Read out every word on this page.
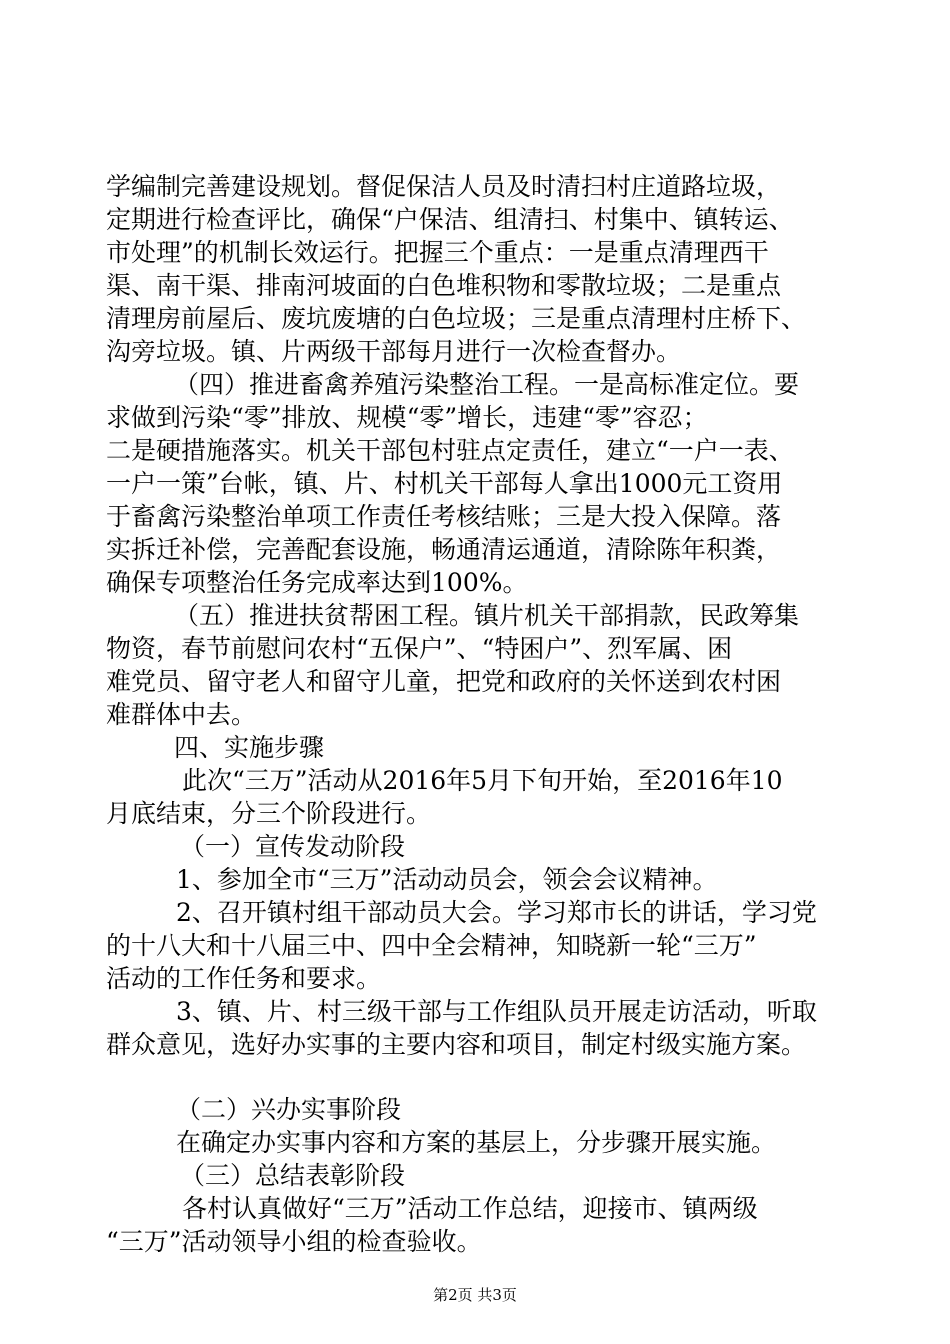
学编制完善建设规划。督促保洁人员及时清扫村庄道路垃圾，
定期进行检查评比，确保“户保洁、组清扫、村集中、镇转运、
市处理”的机制长效运行。把握三个重点：一是重点清理西干
渠、南干渠、排南河坡面的白色堆积物和零散垃圾；二是重点
清理房前屋后、废坑废塘的白色垃圾；三是重点清理村庄桥下、
沟旁垃圾。镇、片两级干部每月进行一次检查督办。
（四）推进畜禽养殖污染整治工程。一是高标准定位。要
求做到污染“零”排放、规模“零”增长，违建“零”容忍；
二是硬措施落实。机关干部包村驻点定责任，建立“一户一表、
一户一策”台帐，镇、片、村机关干部每人拿出1000元工资用
于畜禽污染整治单项工作责任考核结账；三是大投入保障。落
实拆迁补偿，完善配套设施，畅通清运通道，清除陈年积粪，
确保专项整治任务完成率达到100%。
（五）推进扶贫帮困工程。镇片机关干部捐款，民政筹集
物资，春节前慰问农村“五保户”、“特困户”、烈军属、困
难党员、留守老人和留守儿童，把党和政府的关怀送到农村困
难群体中去。
四、实施步骤
此次“三万”活动从2016年5月下旬开始，至2016年10
月底结束，分三个阶段进行。
（一）宣传发动阶段
1、参加全市“三万”活动动员会，领会会议精神。
2、召开镇村组干部动员大会。学习郑市长的讲话，学习党
的十八大和十八届三中、四中全会精神，知晓新一轮“三万”
活动的工作任务和要求。
3、镇、片、村三级干部与工作组队员开展走访活动，听取
群众意见，选好办实事的主要内容和项目，制定村级实施方案。
（二）兴办实事阶段
在确定办实事内容和方案的基层上，分步骤开展实施。
（三）总结表彰阶段
各村认真做好“三万”活动工作总结，迎接市、镇两级
“三万”活动领导小组的检查验收。
第2页 共3页
